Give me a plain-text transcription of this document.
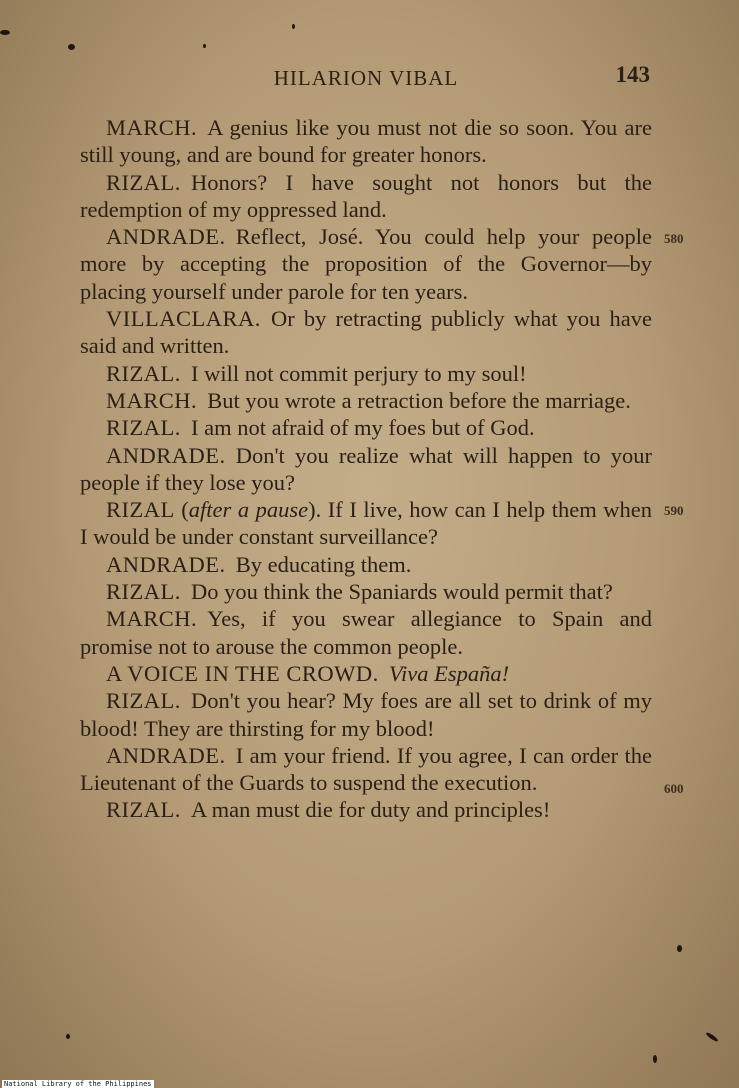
HILARION VIBAL	143

MARCH. A genius like you must not die so soon. You are still young, and are bound for greater honors.

RIZAL. Honors? I have sought not honors but the redemption of my oppressed land.

ANDRADE. Reflect, José. You could help your people more by accepting the proposition of the Governor—by placing yourself under parole for ten years.

VILLACLARA. Or by retracting publicly what you have said and written.

RIZAL. I will not commit perjury to my soul!

MARCH. But you wrote a retraction before the marriage.

RIZAL. I am not afraid of my foes but of God.

ANDRADE. Don't you realize what will happen to your people if they lose you?

RIZAL (after a pause). If I live, how can I help them when I would be under constant surveillance?

ANDRADE. By educating them.

RIZAL. Do you think the Spaniards would permit that?

MARCH. Yes, if you swear allegiance to Spain and promise not to arouse the common people.

A VOICE IN THE CROWD. Viva España!

RIZAL. Don't you hear? My foes are all set to drink of my blood! They are thirsting for my blood!

ANDRADE. I am your friend. If you agree, I can order the Lieutenant of the Guards to suspend the execution.

RIZAL. A man must die for duty and principles!

580
590
600
National Library of the Philippines
